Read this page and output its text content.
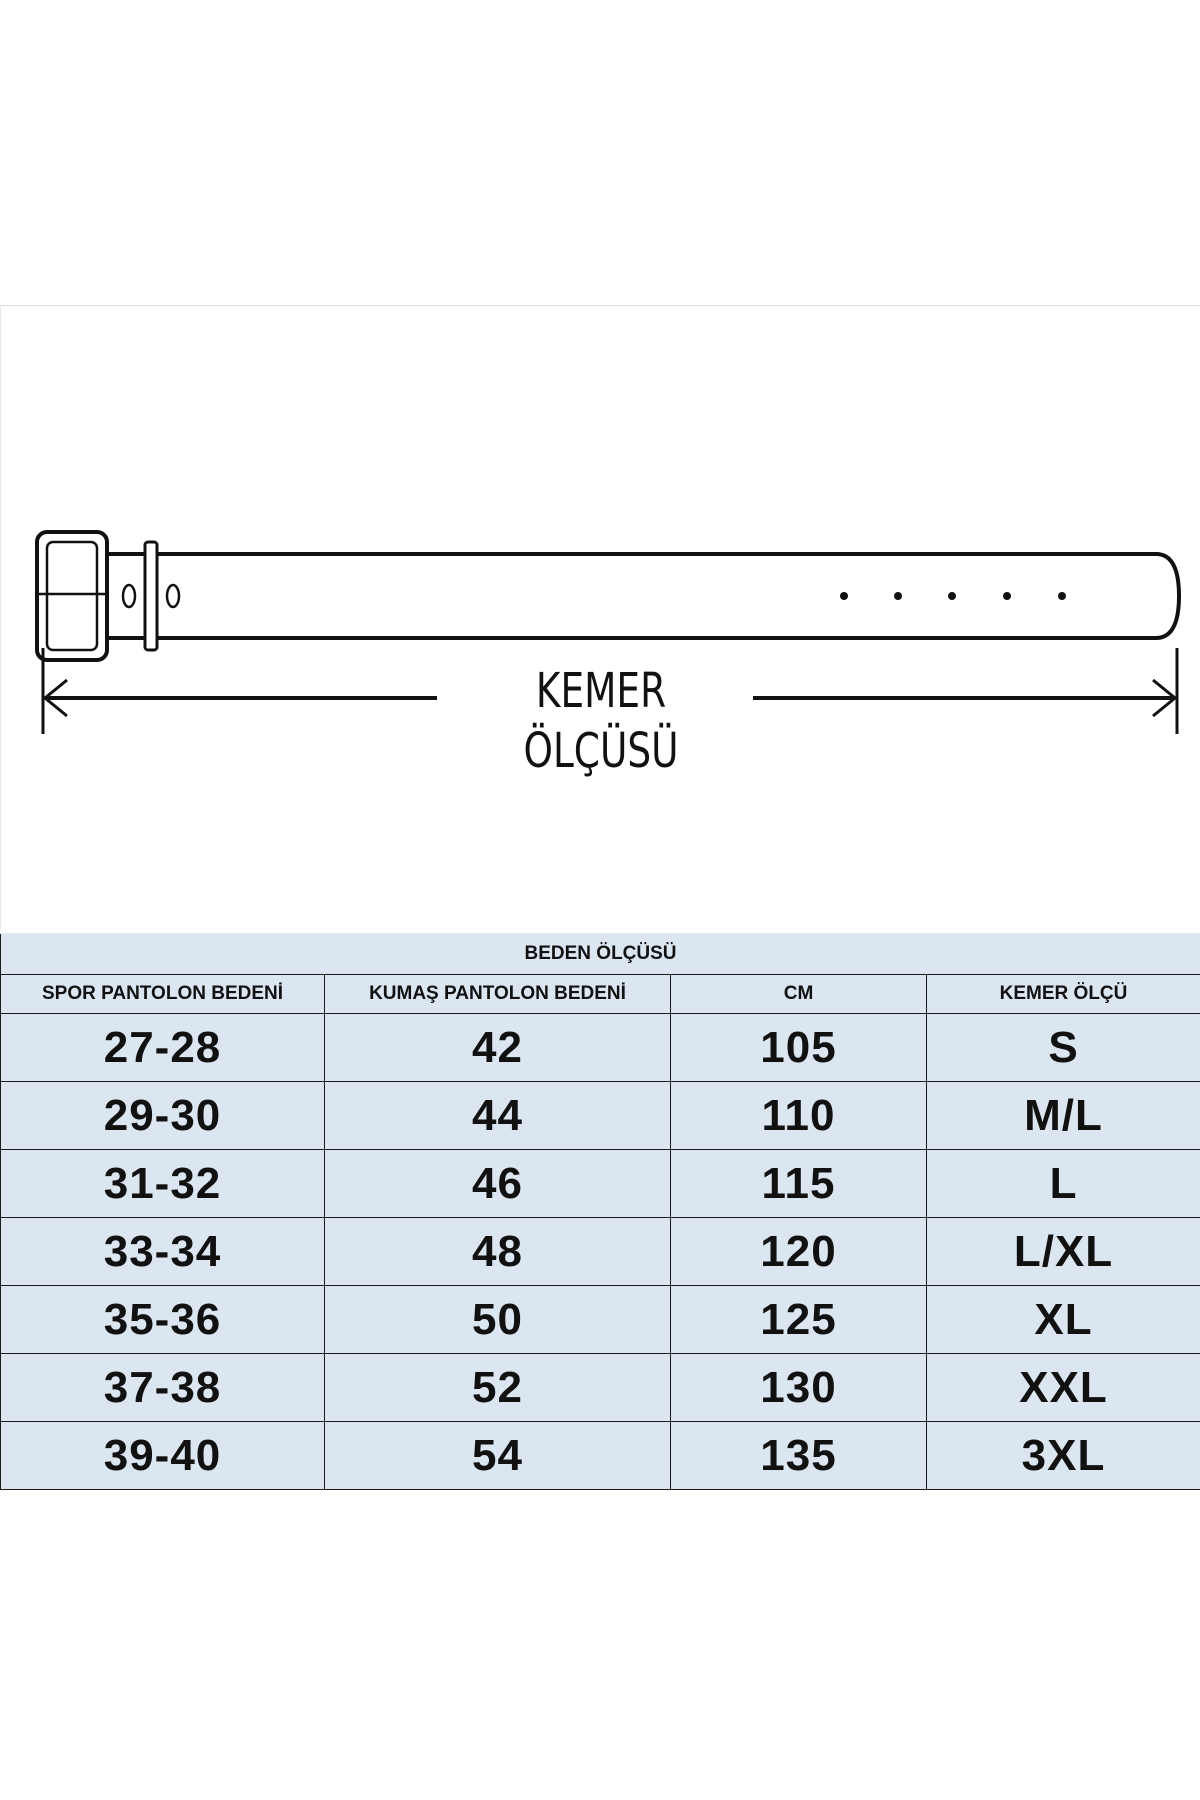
KEMER ÖLÇÜSÜ
BEDEN ÖLÇÜSÜ			
SPOR PANTOLON BEDENİ	KUMAŞ PANTOLON BEDENİ	CM	KEMER ÖLÇÜ
27-28	42	105	S
29-30	44	110	M/L
31-32	46	115	L
33-34	48	120	L/XL
35-36	50	125	XL
37-38	52	130	XXL
39-40	54	135	3XL
